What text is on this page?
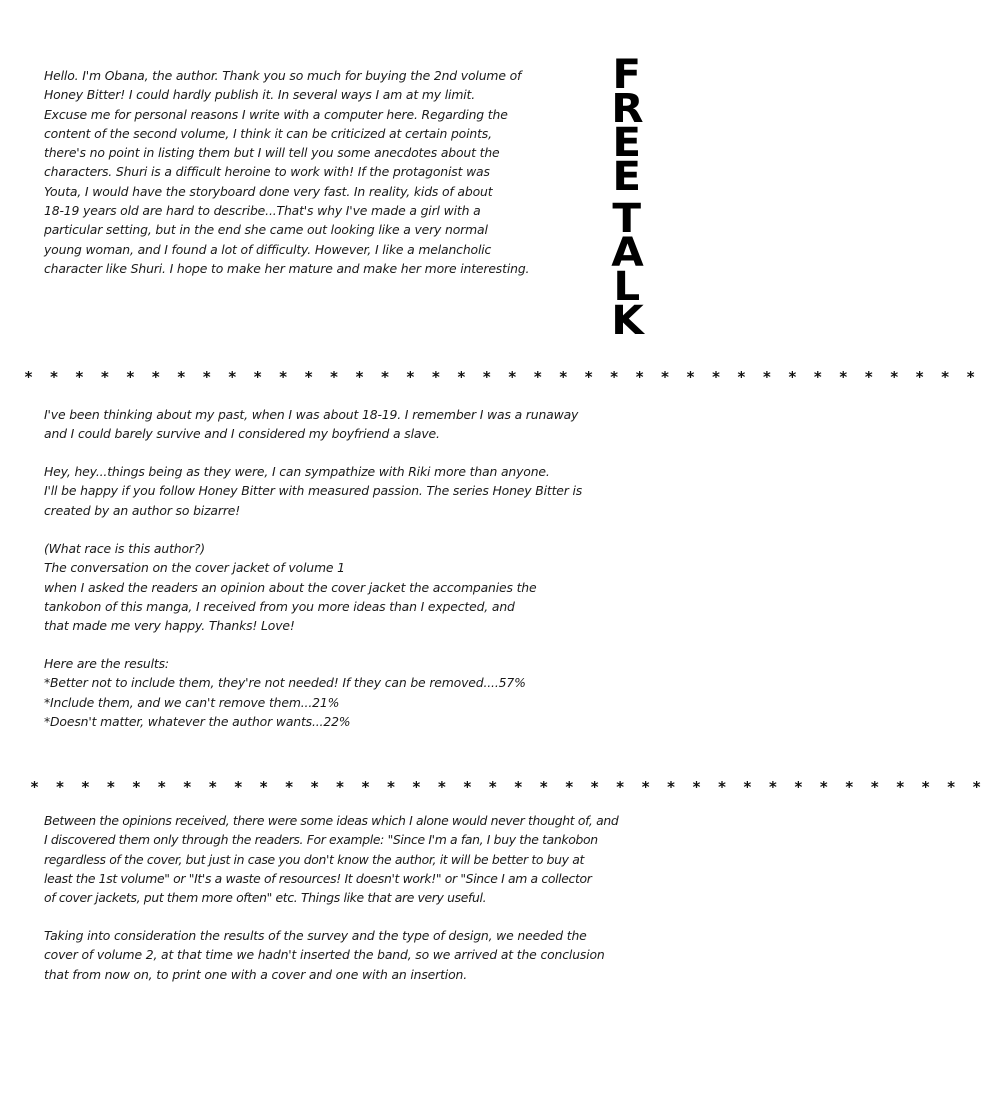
F
R
E
E
T
A
L
K

Hello. I'm Obana, the author. Thank you so much for buying the 2nd volume of
Honey Bitter! I could hardly publish it. In several ways I am at my limit.
Excuse me for personal reasons I write with a computer here. Regarding the
content of the second volume, I think it can be criticized at certain points,
there's no point in listing them but I will tell you some anecdotes about the
characters. Shuri is a difficult heroine to work with! If the protagonist was
Youta, I would have the storyboard done very fast. In reality, kids of about
18-19 years old are hard to describe...That's why I've made a girl with a
particular setting, but in the end she came out looking like a very normal
young woman, and I found a lot of difficulty. However, I like a melancholic
character like Shuri. I hope to make her mature and make her more interesting.

* * * * * * * * * * * * * * * * * * * * * * * * * * * * * * * * * * * * * *

I've been thinking about my past, when I was about 18-19. I remember I was a runaway
and I could barely survive and I considered my boyfriend a slave.

Hey, hey...things being as they were, I can sympathize with Riki more than anyone.
I'll be happy if you follow Honey Bitter with measured passion. The series Honey Bitter is
created by an author so bizarre!

(What race is this author?)
The conversation on the cover jacket of volume 1
when I asked the readers an opinion about the cover jacket the accompanies the
tankobon of this manga, I received from you more ideas than I expected, and
that made me very happy. Thanks! Love!

Here are the results:
*Better not to include them, they're not needed! If they can be removed....57%
*Include them, and we can't remove them...21%
*Doesn't matter, whatever the author wants...22%

* * * * * * * * * * * * * * * * * * * * * * * * * * * * * * * * * * * * * *

Between the opinions received, there were some ideas which I alone would never thought of, and
I discovered them only through the readers. For example: "Since I'm a fan, I buy the tankobon
regardless of the cover, but just in case you don't know the author, it will be better to buy at
least the 1st volume" or "It's a waste of resources! It doesn't work!" or "Since I am a collector
of cover jackets, put them more often" etc. Things like that are very useful.

Taking into consideration the results of the survey and the type of design, we needed the
cover of volume 2, at that time we hadn't inserted the band, so we arrived at the conclusion
that from now on, to print one with a cover and one with an insertion.
